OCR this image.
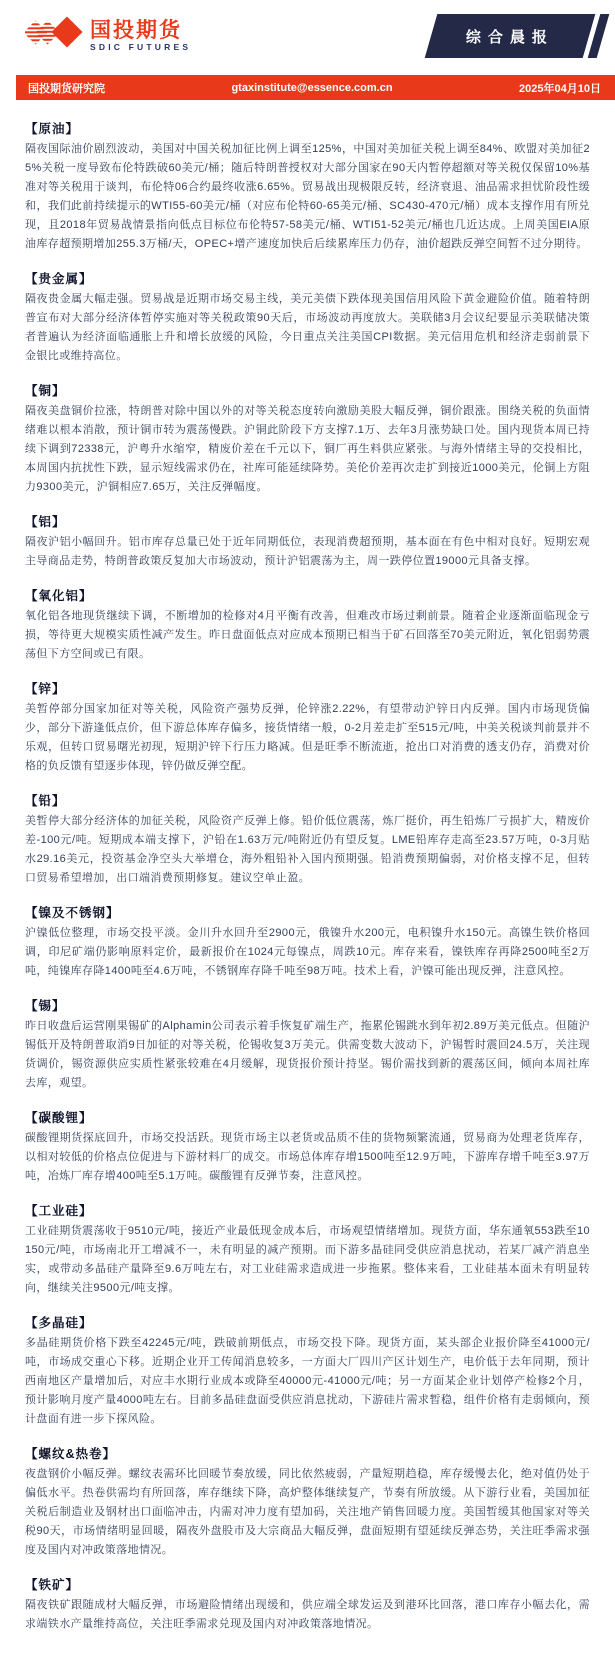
国投期货
SDIC FUTURES
综合晨报
国投期货研究院	gtaxinstitute@essence.com.cn	2025年04月10日
【原油】

隔夜国际油价剧烈波动，美国对中国关税加征比例上调至125%，中国对美加征关税上调至84%、欧盟对美加征25%关税一度导致布伦特跌破60美元/桶；随后特朗普授权对大部分国家在90天内暂停超额对等关税仅保留10%基准对等关税用于谈判，布伦特06合约最终收涨6.65%。贸易战出现极限反转，经济衰退、油品需求担忧阶段性缓和，我们此前持续提示的WTI55-60美元/桶（对应布伦特60-65美元/桶、SC430-470元/桶）成本支撑作用有所兑现，且2018年贸易战情景指向低点目标位布伦特57-58美元/桶、WTI51-52美元/桶也几近达成。上周美国EIA原油库存超预期增加255.3万桶/天，OPEC+增产速度加快后后续累库压力仍存，油价超跌反弹空间暂不过分期待。

【贵金属】

隔夜贵金属大幅走强。贸易战是近期市场交易主线，美元美债下跌体现美国信用风险下黄金避险价值。随着特朗普宣布对大部分经济体暂停实施对等关税政策90天后，市场波动再度放大。美联储3月会议纪要显示美联储决策者普遍认为经济面临通胀上升和增长放缓的风险，今日重点关注美国CPI数据。美元信用危机和经济走弱前景下金银比或维持高位。

【铜】

隔夜美盘铜价拉涨，特朗普对除中国以外的对等关税态度转向激励美股大幅反弹，铜价跟涨。围绕关税的负面情绪难以根本消散，预计铜市转为震荡慢跌。沪铜此阶段下方支撑7.1万、去年3月涨势缺口处。国内现货本周已持续下调到72338元，沪粤升水缩窄，精废价差在千元以下，铜厂再生料供应紧张。与海外情绪主导的交投相比，本周国内抗扰性下跌，显示短线需求仍在，社库可能延续降势。美伦价差再次走扩到接近1000美元，伦铜上方阻力9300美元，沪铜相应7.65万，关注反弹幅度。

【铝】

隔夜沪铝小幅回升。铝市库存总量已处于近年同期低位，表现消费超预期，基本面在有色中相对良好。短期宏观主导商品走势，特朗普政策反复加大市场波动，预计沪铝震荡为主，周一跌停位置19000元具备支撑。

【氧化铝】

氧化铝各地现货继续下调，不断增加的检修对4月平衡有改善，但难改市场过剩前景。随着企业逐渐面临现金亏损，等待更大规模实质性减产发生。昨日盘面低点对应成本预期已相当于矿石回落至70美元附近，氧化铝弱势震荡但下方空间或已有限。

【锌】

美暂停部分国家加征对等关税，风险资产强势反弹，伦锌涨2.22%，有望带动沪锌日内反弹。国内市场现货偏少，部分下游逢低点价，但下游总体库存偏多，接货情绪一般，0-2月差走扩至515元/吨，中美关税谈判前景并不乐观，但转口贸易曙光初现，短期沪锌下行压力略减。但是旺季不断流逝，抢出口对消费的透支仍存，消费对价格的负反馈有望逐步体现，锌仍做反弹空配。

【铅】

美暂停大部分经济体的加征关税，风险资产反弹上修。铅价低位震荡，炼厂挺价，再生铅炼厂亏损扩大，精废价差-100元/吨。短期成本端支撑下，沪铅在1.63万元/吨附近仍有望反复。LME铅库存走高至23.57万吨，0-3月贴水29.16美元，投资基金净空头大举增仓，海外粗铅补入国内预期强。铅消费预期偏弱，对价格支撑不足，但转口贸易希望增加，出口端消费预期修复。建议空单止盈。

【镍及不锈钢】

沪镍低位整理，市场交投平淡。金川升水回升至2900元，俄镍升水200元，电积镍升水150元。高镍生铁价格回调，印尼矿端仍影响原料定价，最新报价在1024元每镍点，周跌10元。库存来看，镍铁库存再降2500吨至2万吨，纯镍库存降1400吨至4.6万吨，不锈钢库存降千吨至98万吨。技术上看，沪镍可能出现反弹，注意风控。

【锡】

昨日收盘后运营刚果锡矿的Alphamin公司表示着手恢复矿端生产，拖累伦锡跳水到年初2.89万美元低点。但随沪锡低开及特朗普取消9日加征的对等关税，伦锡收复3万美元。供需变数大波动下，沪锡暂时震回24.5万，关注现货调价，锡资源供应实质性紧张较难在4月缓解，现货报价预计持坚。锡价需找到新的震荡区间，倾向本周社库去库，观望。

【碳酸锂】

碳酸锂期货探底回升，市场交投活跃。现货市场主以老货或品质不佳的货物频繁流通，贸易商为处理老货库存，以相对较低的价格点位促进与下游材料厂的成交。市场总体库存增1500吨至12.9万吨，下游库存增千吨至3.97万吨，冶炼厂库存增400吨至5.1万吨。碳酸锂有反弹节奏，注意风控。

【工业硅】

工业硅期货震荡收于9510元/吨，接近产业最低现金成本后，市场观望情绪增加。现货方面，华东通氧553跌至10150元/吨，市场南北开工增减不一，未有明显的减产预期。而下游多晶硅同受供应消息扰动，若某厂减产消息坐实，或带动多晶硅产量降至9.6万吨左右，对工业硅需求造成进一步拖累。整体来看，工业硅基本面未有明显转向，继续关注9500元/吨支撑。

【多晶硅】

多晶硅期货价格下跌至42245元/吨，跌破前期低点，市场交投下降。现货方面，某头部企业报价降至41000元/吨，市场成交重心下移。近期企业开工传闻消息较多，一方面大厂四川产区计划生产，电价低于去年同期，预计西南地区产量增加后，对应丰水期行业成本或降至40000元-41000元/吨；另一方面某企业计划停产检修2个月，预计影响月度产量4000吨左右。目前多晶硅盘面受供应消息扰动，下游硅片需求暂稳，组件价格有走弱倾向，预计盘面有进一步下探风险。

【螺纹&热卷】

夜盘钢价小幅反弹。螺纹表需环比回暖节奏放缓，同比依然疲弱，产量短期趋稳，库存缓慢去化，绝对值仍处于偏低水平。热卷供需均有所回落，库存继续下降，高炉整体继续复产，节奏有所放缓。从下游行业看，美国加征关税后制造业及钢材出口面临冲击，内需对冲力度有望加码，关注地产销售回暖力度。美国暂缓其他国家对等关税90天，市场情绪明显回暖，隔夜外盘股市及大宗商品大幅反弹，盘面短期有望延续反弹态势，关注旺季需求强度及国内对冲政策落地情况。

【铁矿】

隔夜铁矿跟随成材大幅反弹，市场避险情绪出现缓和，供应端全球发运及到港环比回落，港口库存小幅去化，需求端铁水产量维持高位，关注旺季需求兑现及国内对冲政策落地情况。
